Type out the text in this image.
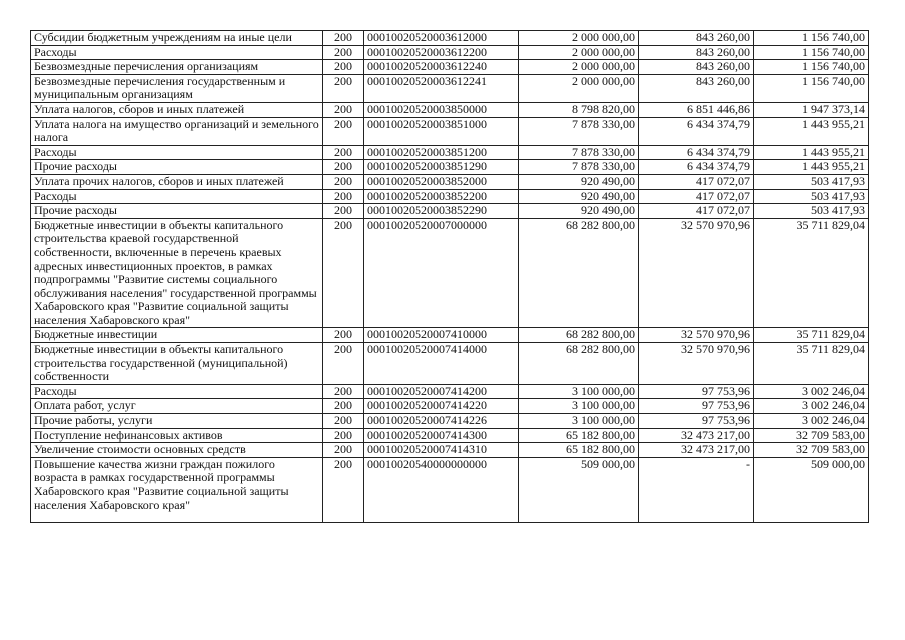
Субсидии бюджетным учреждениям на иные цели	200	00010020520003612000	2 000 000,00	843 260,00	1 156 740,00
Расходы	200	00010020520003612200	2 000 000,00	843 260,00	1 156 740,00
Безвозмездные перечисления организациям	200	00010020520003612240	2 000 000,00	843 260,00	1 156 740,00
Безвозмездные перечисления государственным и муниципальным организациям	200	00010020520003612241	2 000 000,00	843 260,00	1 156 740,00
Уплата налогов, сборов и иных платежей	200	00010020520003850000	8 798 820,00	6 851 446,86	1 947 373,14
Уплата налога на имущество организаций и земельного налога	200	00010020520003851000	7 878 330,00	6 434 374,79	1 443 955,21
Расходы	200	00010020520003851200	7 878 330,00	6 434 374,79	1 443 955,21
Прочие расходы	200	00010020520003851290	7 878 330,00	6 434 374,79	1 443 955,21
Уплата прочих налогов, сборов и иных платежей	200	00010020520003852000	920 490,00	417 072,07	503 417,93
Расходы	200	00010020520003852200	920 490,00	417 072,07	503 417,93
Прочие расходы	200	00010020520003852290	920 490,00	417 072,07	503 417,93
Бюджетные инвестиции в объекты капитального строительства краевой государственной собственности, включенные в перечень краевых адресных инвестиционных проектов, в рамках подпрограммы "Развитие системы социального обслуживания населения" государственной программы Хабаровского края "Развитие социальной защиты населения Хабаровского края"	200	00010020520007000000	68 282 800,00	32 570 970,96	35 711 829,04
Бюджетные инвестиции	200	00010020520007410000	68 282 800,00	32 570 970,96	35 711 829,04
Бюджетные инвестиции в объекты капитального строительства государственной (муниципальной) собственности	200	00010020520007414000	68 282 800,00	32 570 970,96	35 711 829,04
Расходы	200	00010020520007414200	3 100 000,00	97 753,96	3 002 246,04
Оплата работ, услуг	200	00010020520007414220	3 100 000,00	97 753,96	3 002 246,04
Прочие работы, услуги	200	00010020520007414226	3 100 000,00	97 753,96	3 002 246,04
Поступление нефинансовых активов	200	00010020520007414300	65 182 800,00	32 473 217,00	32 709 583,00
Увеличение стоимости основных средств	200	00010020520007414310	65 182 800,00	32 473 217,00	32 709 583,00
Повышение качества жизни граждан пожилого возраста в рамках государственной программы Хабаровского края "Развитие социальной защиты населения Хабаровского края"	200	00010020540000000000	509 000,00	-	509 000,00
